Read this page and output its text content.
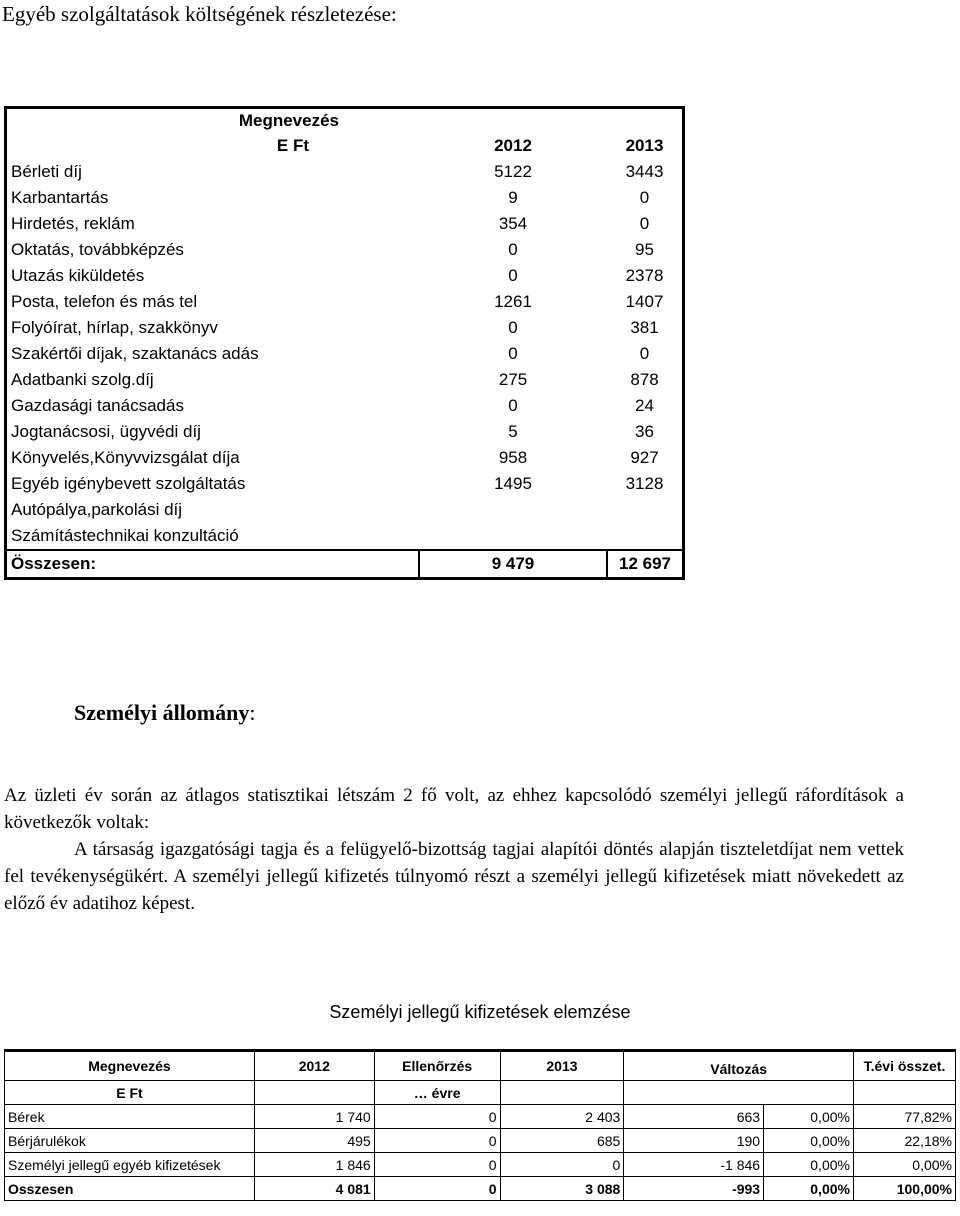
Egyéb szolgáltatások költségének részletezése:
Megnevezés		
E Ft	2012	2013
Bérleti díj	5122	3443
Karbantartás	9	0
Hirdetés, reklám	354	0
Oktatás, továbbképzés	0	95
Utazás kiküldetés	0	2378
Posta, telefon és más tel	1261	1407
Folyóírat, hírlap, szakkönyv	0	381
Szakértői díjak, szaktanács adás	0	0
Adatbanki szolg.díj	275	878
Gazdasági tanácsadás	0	24
Jogtanácsosi, ügyvédi díj	5	36
Könyvelés,Könyvvizsgálat díja	958	927
Egyéb igénybevett szolgáltatás	1495	3128
Autópálya,parkolási díj		
Számítástechnikai konzultáció		
Összesen:	9 479	12 697
Személyi állomány:
Az üzleti év során az átlagos statisztikai létszám 2 fő volt, az ehhez kapcsolódó személyi jellegű ráfordítások a következők voltak:
A társaság igazgatósági tagja és a felügyelő-bizottság tagjai alapítói döntés alapján tiszteletdíjat nem vettek fel tevékenységükért. A személyi jellegű kifizetés túlnyomó részt a személyi jellegű kifizetések miatt növekedett az előző év adatihoz képest.
Személyi jellegű kifizetések elemzése
Megnevezés	2012	Ellenőrzés	2013	Változás		T.évi összet.
E Ft		… évre				
Bérek	1 740	0	2 403	663	0,00%	77,82%
Bérjárulékok	495	0	685	190	0,00%	22,18%
Személyi jellegű egyéb kifizetések	1 846	0	0	-1 846	0,00%	0,00%
Osszesen	4 081	0	3 088	-993	0,00%	100,00%
